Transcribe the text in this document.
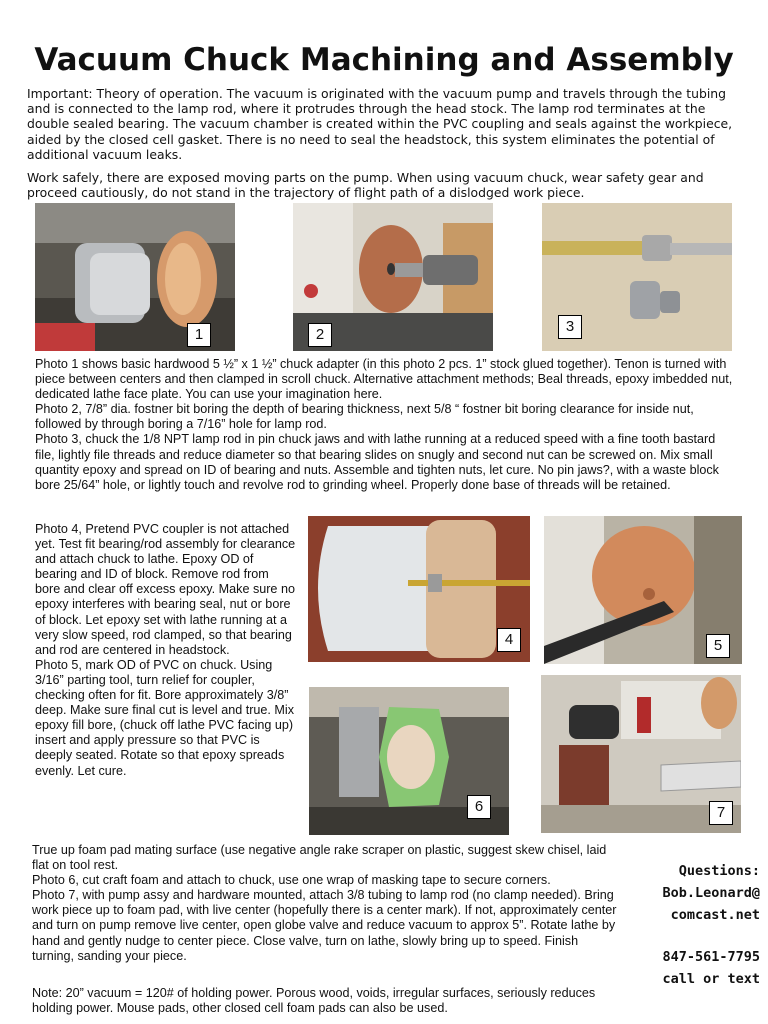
Vacuum Chuck Machining and Assembly

Important: Theory of operation. The vacuum is originated with the vacuum pump and travels through the tubing and is connected to the lamp rod, where it protrudes through the head stock. The lamp rod terminates at the double sealed bearing. The vacuum chamber is created within the PVC coupling and seals against the workpiece, aided by the closed cell gasket. There is no need to seal the headstock, this system eliminates the potential of additional vacuum leaks.

Work safely, there are exposed moving parts on the pump. When using vacuum chuck, wear safety gear and proceed cautiously, do not stand in the trajectory of flight path of a dislodged work piece.

1	2	3

Photo 1 shows basic hardwood 5 ½” x 1 ½” chuck adapter (in this photo 2 pcs. 1” stock glued together). Tenon is turned with piece between centers and then clamped in scroll chuck. Alternative attachment methods; Beal threads, epoxy imbedded nut, dedicated lathe face plate. You can use your imagination here.

Photo 2, 7/8” dia. fostner bit boring the depth of bearing thickness, next 5/8 “ fostner bit boring clearance for inside nut, followed by through boring a 7/16” hole for lamp rod.

Photo 3, chuck the 1/8 NPT lamp rod in pin chuck jaws and with lathe running at a reduced speed with a fine tooth bastard file, lightly file threads and reduce diameter so that bearing slides on snugly and second nut can be screwed on. Mix small quantity epoxy and spread on ID of bearing and nuts. Assemble and tighten nuts, let cure. No pin jaws?, with a waste block bore 25/64” hole, or lightly touch and revolve rod to grinding wheel. Properly done base of threads will be retained.

4	5

Photo 4, Pretend PVC coupler is not attached yet. Test fit bearing/rod assembly for clearance and attach chuck to lathe. Epoxy OD of bearing and ID of block. Remove rod from bore and clear off excess epoxy. Make sure no epoxy interferes with bearing seal, nut or bore of block. Let epoxy set with lathe running at a very slow speed, rod clamped, so that bearing and rod are centered in headstock.

Photo 5, mark OD of PVC on chuck. Using 3/16” parting tool, turn relief for coupler, checking often for fit. Bore approximately 3/8” deep. Make sure final cut is level and true. Mix epoxy fill bore, (chuck off lathe PVC facing up) insert and apply pressure so that PVC is deeply seated. Rotate so that epoxy spreads evenly. Let cure.

6	7

True up foam pad mating surface (use negative angle rake scraper on plastic, suggest skew chisel, laid flat on tool rest.

Photo 6, cut craft foam and attach to chuck, use one wrap of masking tape to secure corners.

Photo 7, with pump assy and hardware mounted, attach 3/8 tubing to lamp rod (no clamp needed). Bring work piece up to foam pad, with live center (hopefully there is a center mark). If not, approximately center and turn on pump remove live center, open globe valve and reduce vacuum to approx 5”. Rotate lathe by hand and gently nudge to center piece. Close valve, turn on lathe, slowly bring up to speed. Finish turning, sanding your piece.

Note: 20” vacuum = 120# of holding power. Porous wood, voids, irregular surfaces, seriously reduces holding power. Mouse pads, other closed cell foam pads can also be used.

Questions:
Bob.Leonard@
comcast.net
847-561-7795
call or text
